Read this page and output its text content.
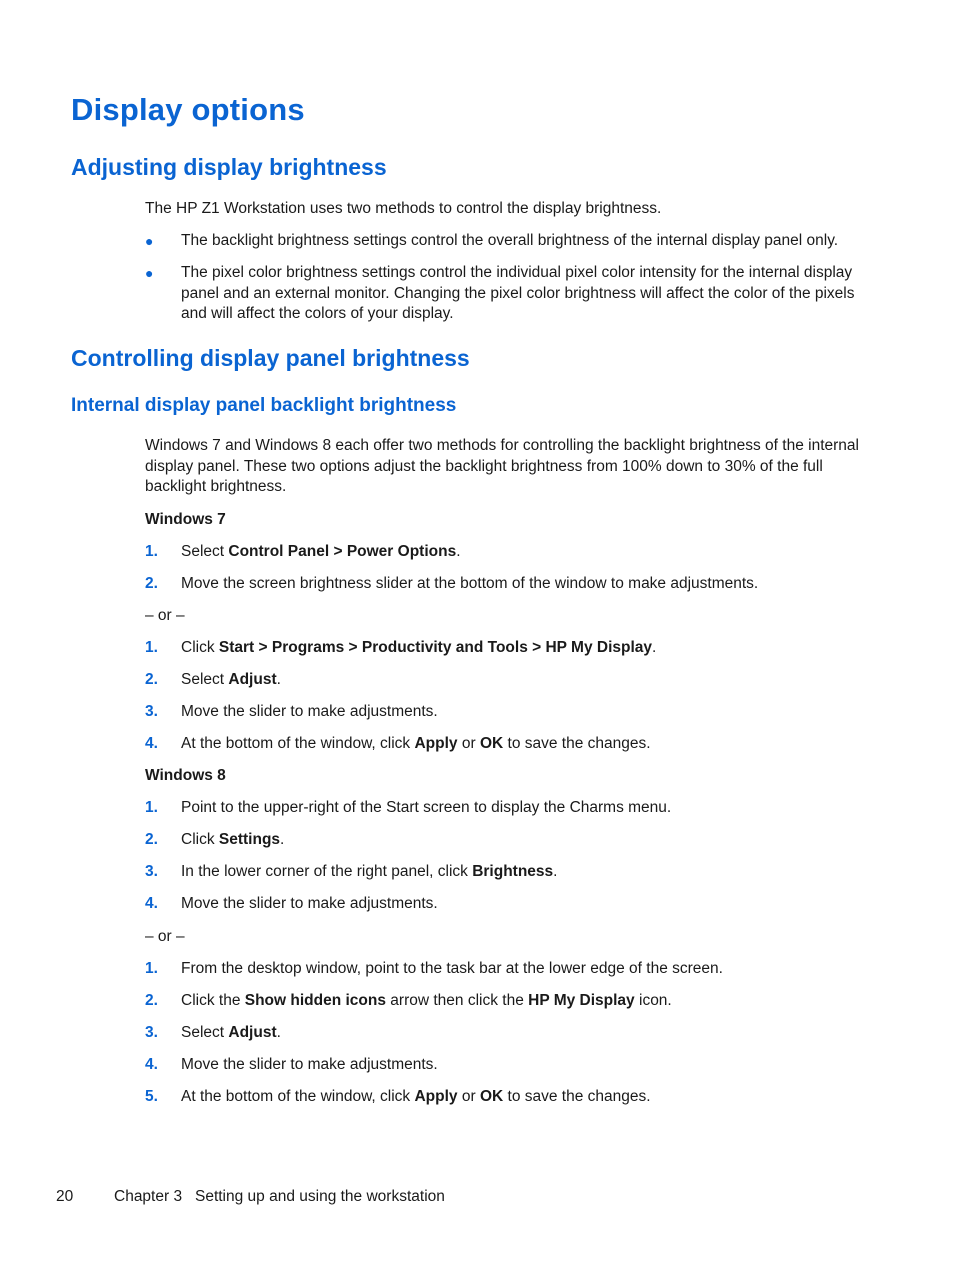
Display options
Adjusting display brightness

The HP Z1 Workstation uses two methods to control the display brightness.

● The backlight brightness settings control the overall brightness of the internal display panel only.
● The pixel color brightness settings control the individual pixel color intensity for the internal display panel and an external monitor. Changing the pixel color brightness will affect the color of the pixels and will affect the colors of your display.
Controlling display panel brightness
Internal display panel backlight brightness

Windows 7 and Windows 8 each offer two methods for controlling the backlight brightness of the internal display panel. These two options adjust the backlight brightness from 100% down to 30% of the full backlight brightness.

Windows 7

1. Select Control Panel > Power Options.
2. Move the screen brightness slider at the bottom of the window to make adjustments.

– or –

1. Click Start > Programs > Productivity and Tools > HP My Display.
2. Select Adjust.
3. Move the slider to make adjustments.
4. At the bottom of the window, click Apply or OK to save the changes.

Windows 8

1. Point to the upper-right of the Start screen to display the Charms menu.
2. Click Settings.
3. In the lower corner of the right panel, click Brightness.
4. Move the slider to make adjustments.

– or –

1. From the desktop window, point to the task bar at the lower edge of the screen.
2. Click the Show hidden icons arrow then click the HP My Display icon.
3. Select Adjust.
4. Move the slider to make adjustments.
5. At the bottom of the window, click Apply or OK to save the changes.
20	Chapter 3   Setting up and using the workstation
